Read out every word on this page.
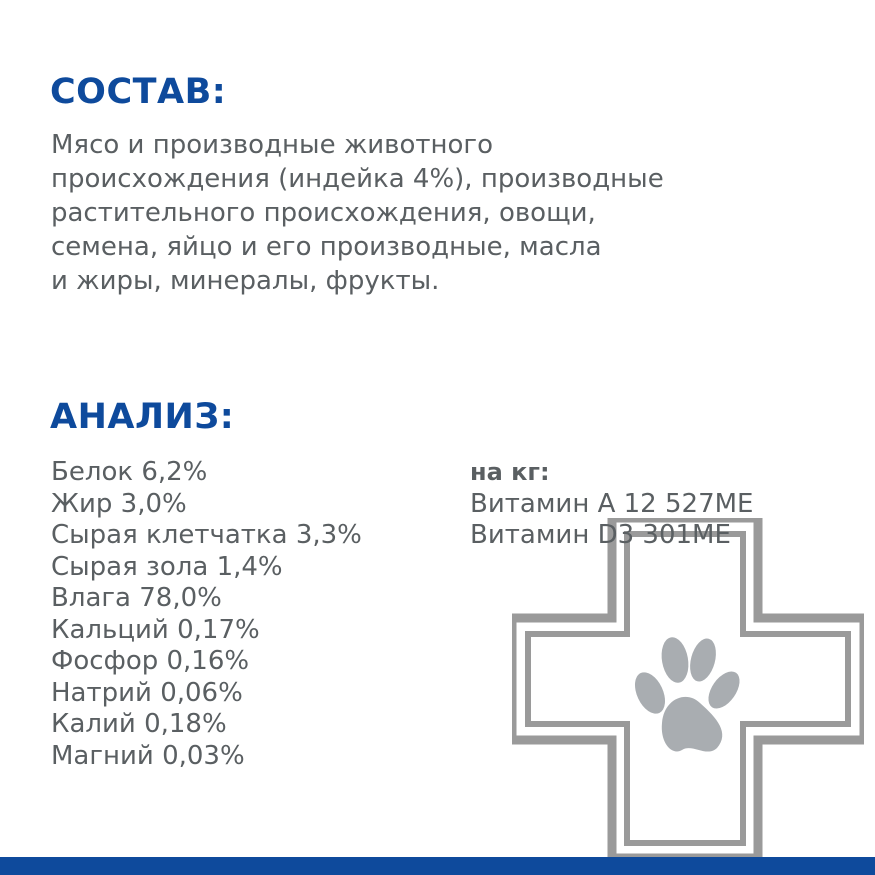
СОСТАВ:
Мясо и производные животного
происхождения (индейка 4%), производные
растительного происхождения, овощи,
семена, яйцо и его производные, масла
и жиры, минералы, фрукты.
АНАЛИЗ:
Белок 6,2%
Жир 3,0%
Сырая клетчатка 3,3%
Сырая зола 1,4%
Влага 78,0%
Кальций 0,17%
Фосфор 0,16%
Натрий 0,06%
Калий 0,18%
Магний 0,03%
на кг:
Витамин А 12 527МЕ
Витамин D3 301МЕ
